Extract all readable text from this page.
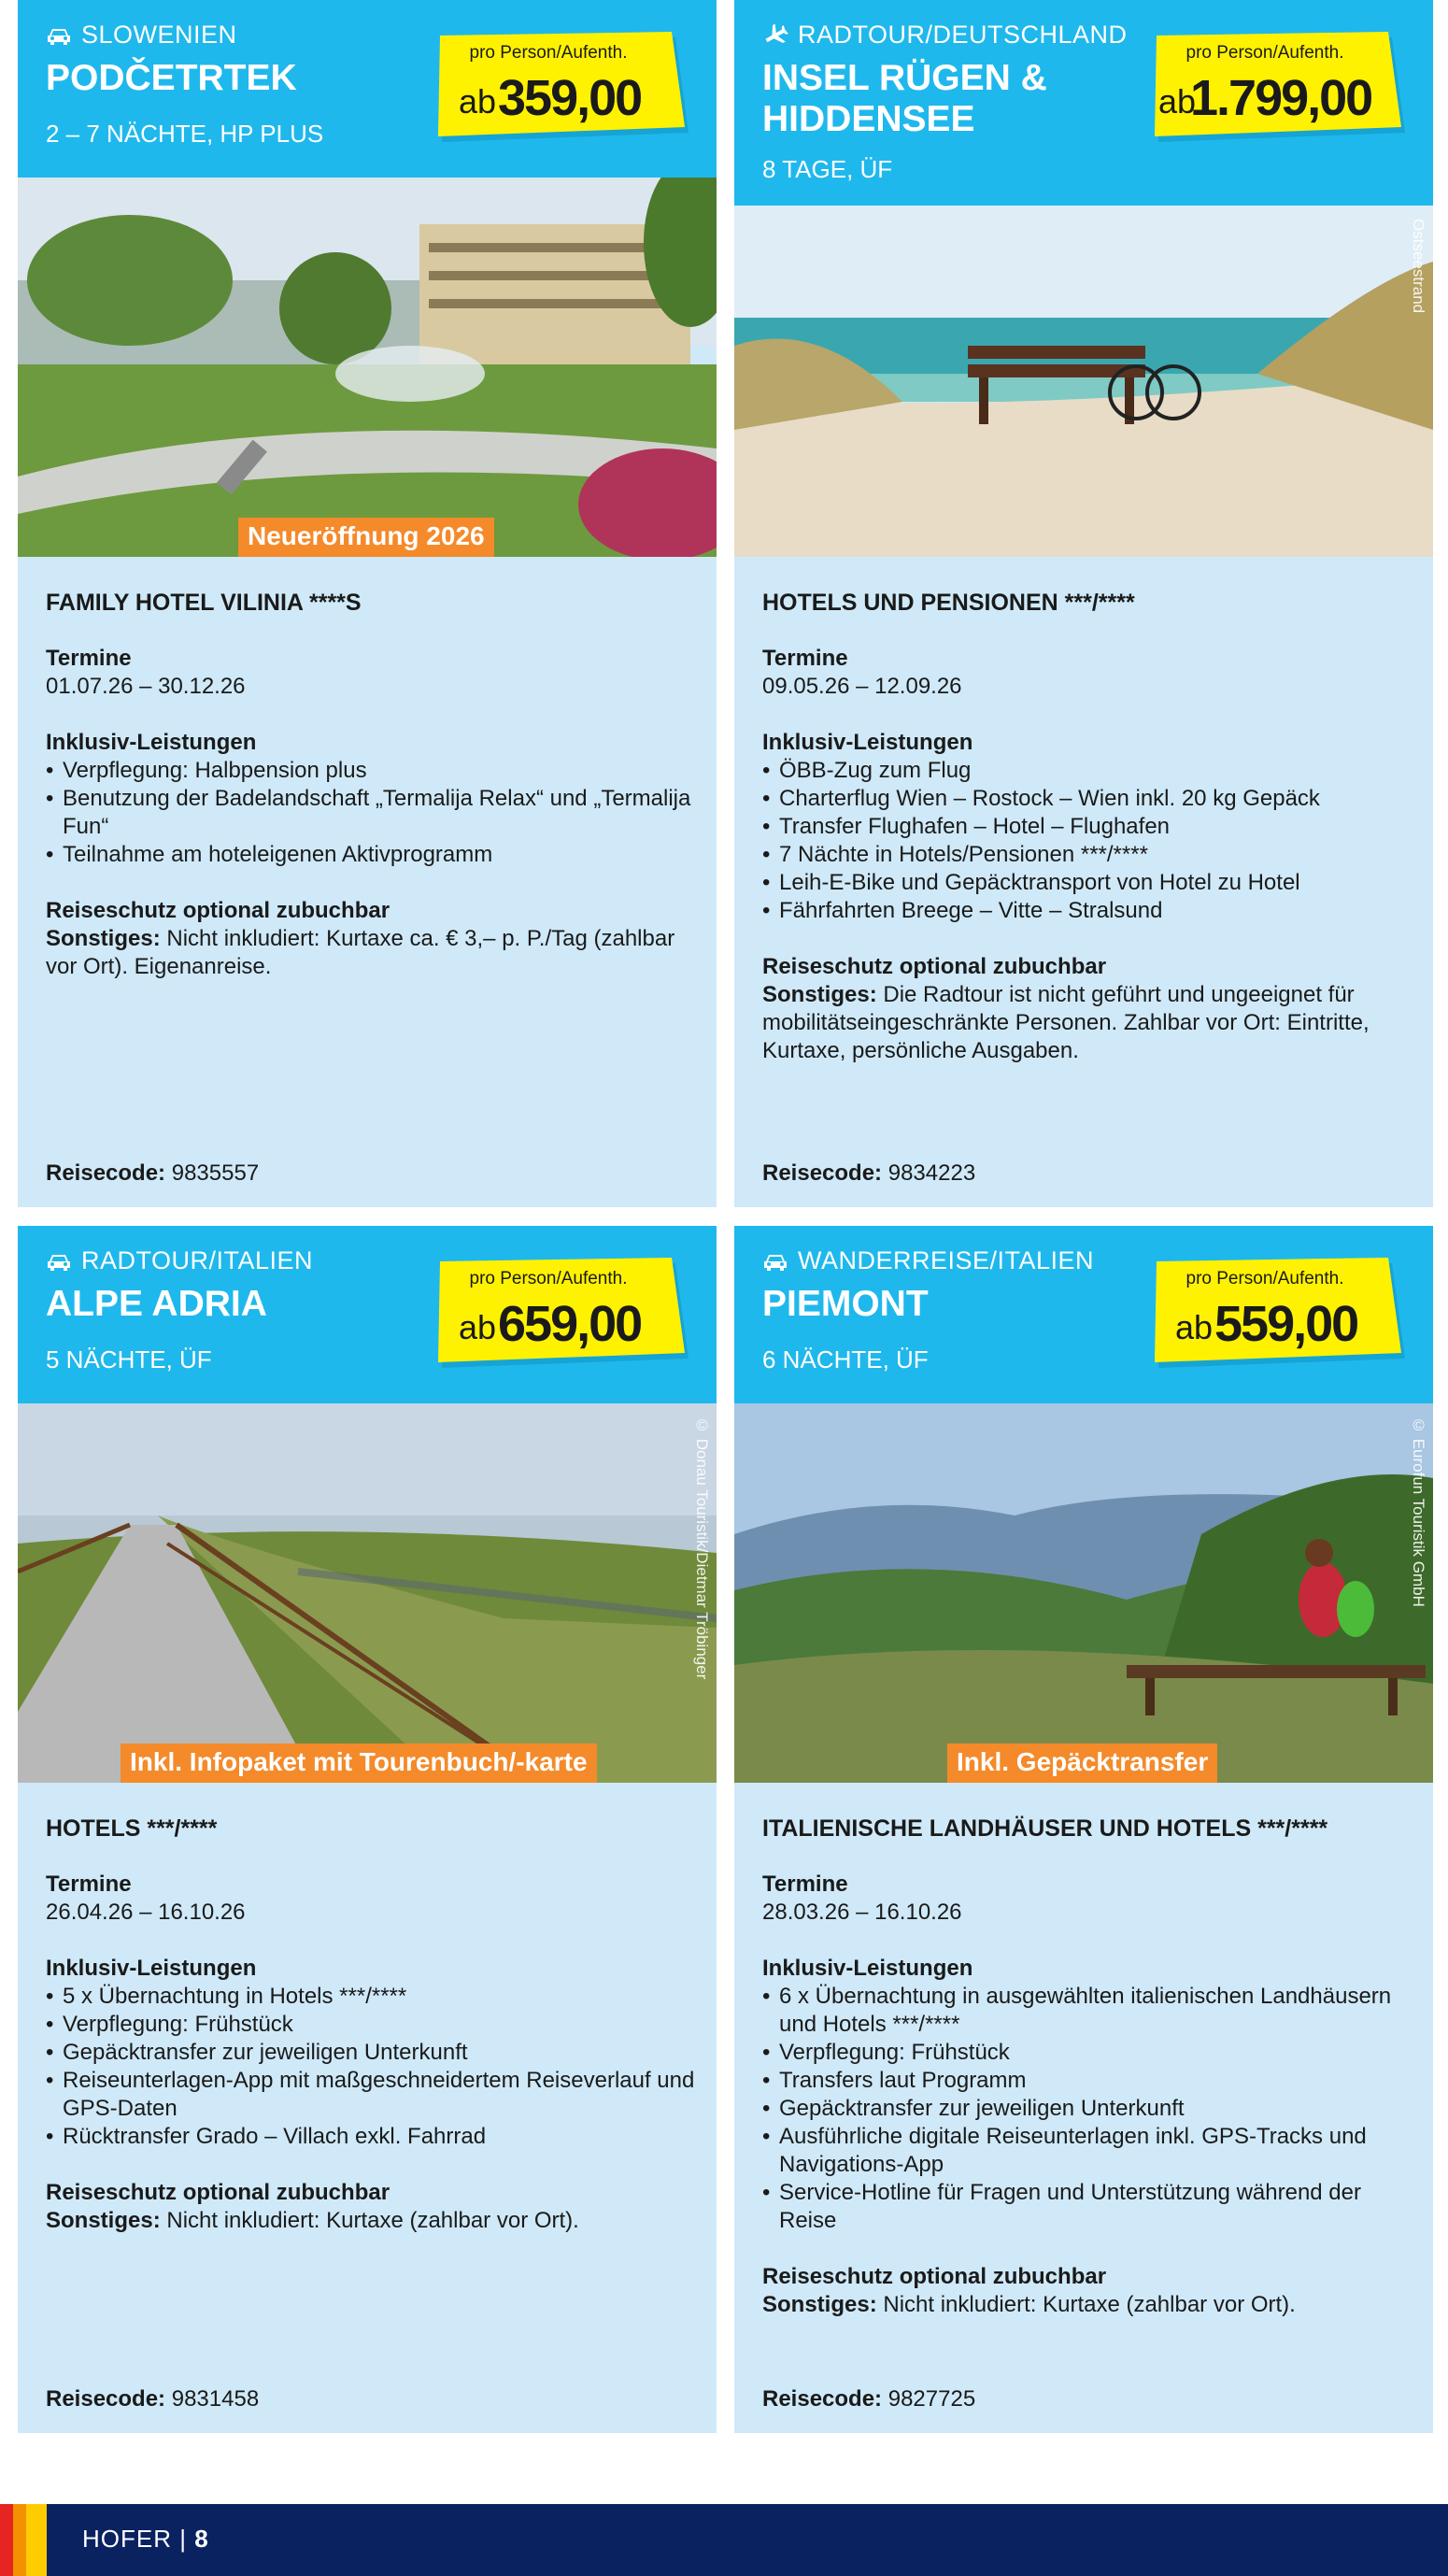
SLOWENIEN
PODČETRTEK
2 – 7 NÄCHTE, HP PLUS
pro Person/Aufenth.
ab 359,00
Neueröffnung 2026
FAMILY HOTEL VILINIA ****S
Termine
01.07.26 – 30.12.26
Inklusiv-Leistungen
• Verpflegung: Halbpension plus
• Benutzung der Badelandschaft „Termalija Relax“ und „Termalija Fun“
• Teilnahme am hoteleigenen Aktivprogramm
Reiseschutz optional zubuchbar
Sonstiges: Nicht inkludiert: Kurtaxe ca. € 3,– p. P./Tag (zahlbar vor Ort). Eigenanreise.
Reisecode: 9835557
RADTOUR/DEUTSCHLAND
INSEL RÜGEN & HIDDENSEE
8 TAGE, ÜF
pro Person/Aufenth.
ab
1.799,00
Ostseestrand
HOTELS UND PENSIONEN ***/****
Termine
09.05.26 – 12.09.26
Inklusiv-Leistungen
• ÖBB-Zug zum Flug
• Charterflug Wien – Rostock – Wien inkl. 20 kg Gepäck
• Transfer Flughafen – Hotel – Flughafen
• 7 Nächte in Hotels/Pensionen ***/****
• Leih-E-Bike und Gepäcktransport von Hotel zu Hotel
• Fährfahrten Breege – Vitte – Stralsund
Reiseschutz optional zubuchbar
Sonstiges: Die Radtour ist nicht geführt und ungeeignet für mobilitätseingeschränkte Personen. Zahlbar vor Ort: Eintritte, Kurtaxe, persönliche Ausgaben.
Reisecode: 9834223
RADTOUR/ITALIEN
ALPE ADRIA
5 NÄCHTE, ÜF
pro Person/Aufenth.
ab 659,00
© Donau Touristik/Dietmar Tröbinger
Inkl. Infopaket mit Tourenbuch/-karte
HOTELS ***/****
Termine
26.04.26 – 16.10.26
Inklusiv-Leistungen
• 5 x Übernachtung in Hotels ***/****
• Verpflegung: Frühstück
• Gepäcktransfer zur jeweiligen Unterkunft
• Reiseunterlagen-App mit maßgeschneidertem Reiseverlauf und GPS-Daten
• Rücktransfer Grado – Villach exkl. Fahrrad
Reiseschutz optional zubuchbar
Sonstiges: Nicht inkludiert: Kurtaxe (zahlbar vor Ort).
Reisecode: 9831458
WANDERREISE/ITALIEN
PIEMONT
6 NÄCHTE, ÜF
pro Person/Aufenth.
ab 559,00
© Eurofun Touristik GmbH
Inkl. Gepäcktransfer
ITALIENISCHE LANDHÄUSER UND HOTELS ***/****
Termine
28.03.26 – 16.10.26
Inklusiv-Leistungen
• 6 x Übernachtung in ausgewählten italienischen Landhäusern und Hotels ***/****
• Verpflegung: Frühstück
• Transfers laut Programm
• Gepäcktransfer zur jeweiligen Unterkunft
• Ausführliche digitale Reiseunterlagen inkl. GPS-Tracks und Navigations-App
• Service-Hotline für Fragen und Unterstützung während der Reise
Reiseschutz optional zubuchbar
Sonstiges: Nicht inkludiert: Kurtaxe (zahlbar vor Ort).
Reisecode: 9827725
HOFER | 8
